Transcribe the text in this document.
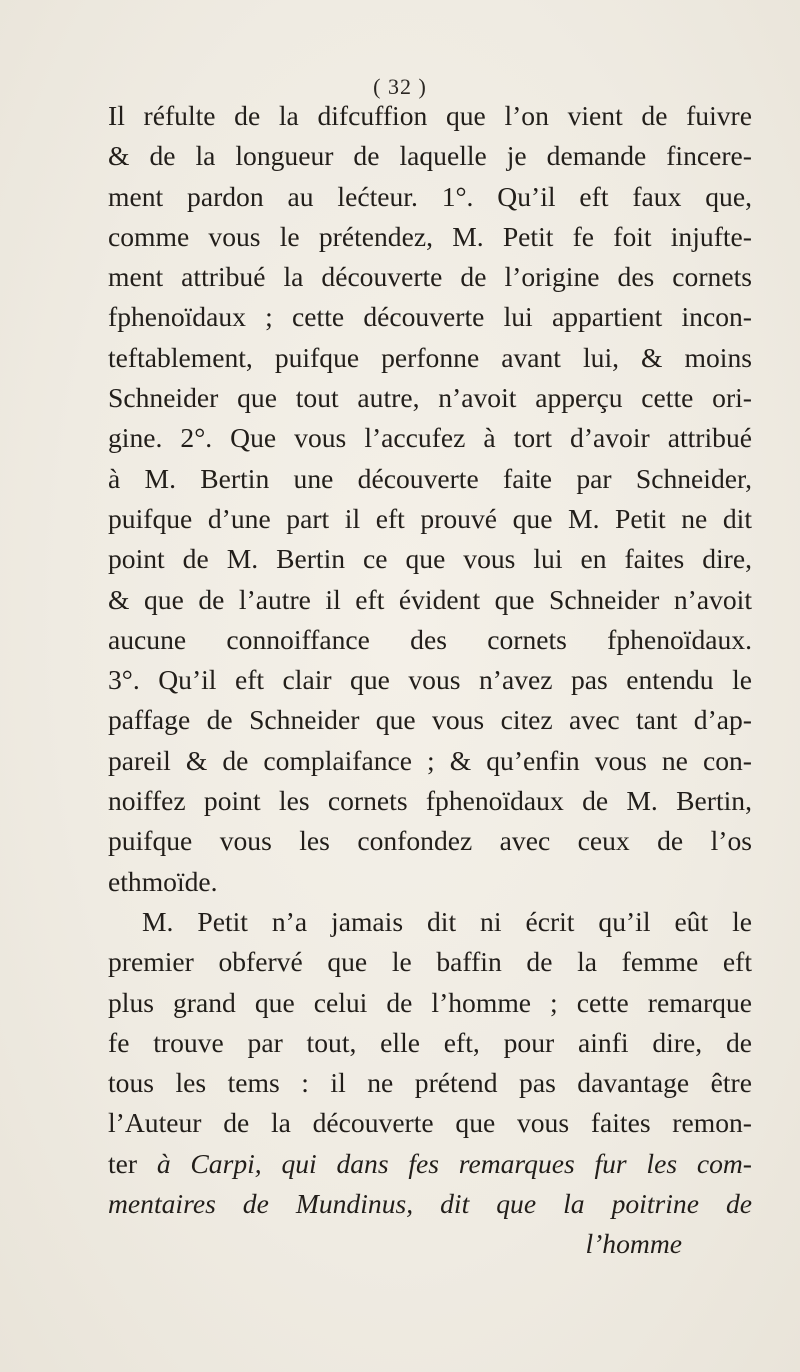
( 32 )
Il réfulte de la difcuffion que l’on vient de fuivre
& de la longueur de laquelle je demande fincere-
ment pardon au lećteur. 1°. Qu’il eft faux que,
comme vous le prétendez, M. Petit fe foit injufte-
ment attribué la découverte de l’origine des cornets
fphenoïdaux ; cette découverte lui appartient incon-
teftablement, puifque perfonne avant lui, & moins
Schneider que tout autre, n’avoit apperçu cette ori-
gine. 2°. Que vous l’accufez à tort d’avoir attribué
à M. Bertin une découverte faite par Schneider,
puifque d’une part il eft prouvé que M. Petit ne dit
point de M. Bertin ce que vous lui en faites dire,
& que de l’autre il eft évident que Schneider n’avoit
aucune connoiffance des cornets fphenoïdaux.
3°. Qu’il eft clair que vous n’avez pas entendu le
paffage de Schneider que vous citez avec tant d’ap-
pareil & de complaifance ; & qu’enfin vous ne con-
noiffez point les cornets fphenoïdaux de M. Bertin,
puifque vous les confondez avec ceux de l’os
ethmoïde.
M. Petit n’a jamais dit ni écrit qu’il eût le
premier obfervé que le baffin de la femme eft
plus grand que celui de l’homme ; cette remarque
fe trouve par tout, elle eft, pour ainfi dire, de
tous les tems : il ne prétend pas davantage être
l’Auteur de la découverte que vous faites remon-
ter à Carpi, qui dans fes remarques fur les com-
mentaires de Mundinus, dit que la poitrine de
l’homme
